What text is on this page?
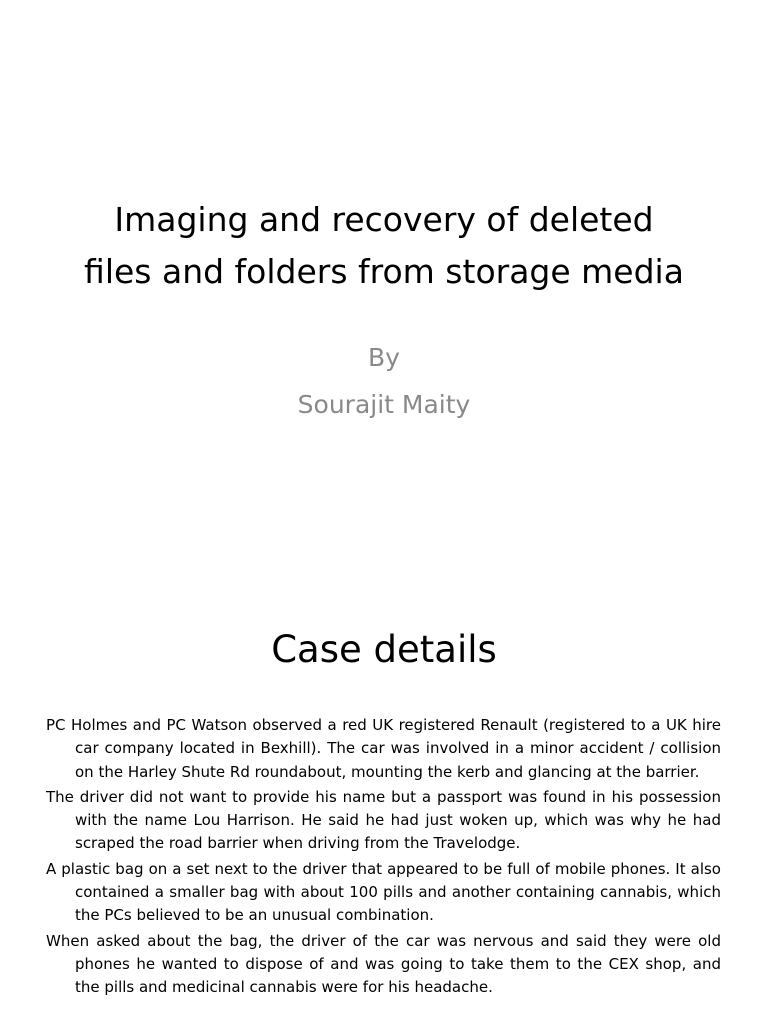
Imaging and recovery of deleted
files and folders from storage media
By
Sourajit Maity
Case details
PC Holmes and PC Watson observed a red UK registered Renault (registered to a UK hire car company located in Bexhill). The car was involved in a minor accident / collision on the Harley Shute Rd roundabout, mounting the kerb and glancing at the barrier.
The driver did not want to provide his name but a passport was found in his possession with the name Lou Harrison. He said he had just woken up, which was why he had scraped the road barrier when driving from the Travelodge.
A plastic bag on a set next to the driver that appeared to be full of mobile phones. It also contained a smaller bag with about 100 pills and another containing cannabis, which the PCs believed to be an unusual combination.
When asked about the bag, the driver of the car was nervous and said they were old phones he wanted to dispose of and was going to take them to the CEX shop, and the pills and medicinal cannabis were for his headache.
